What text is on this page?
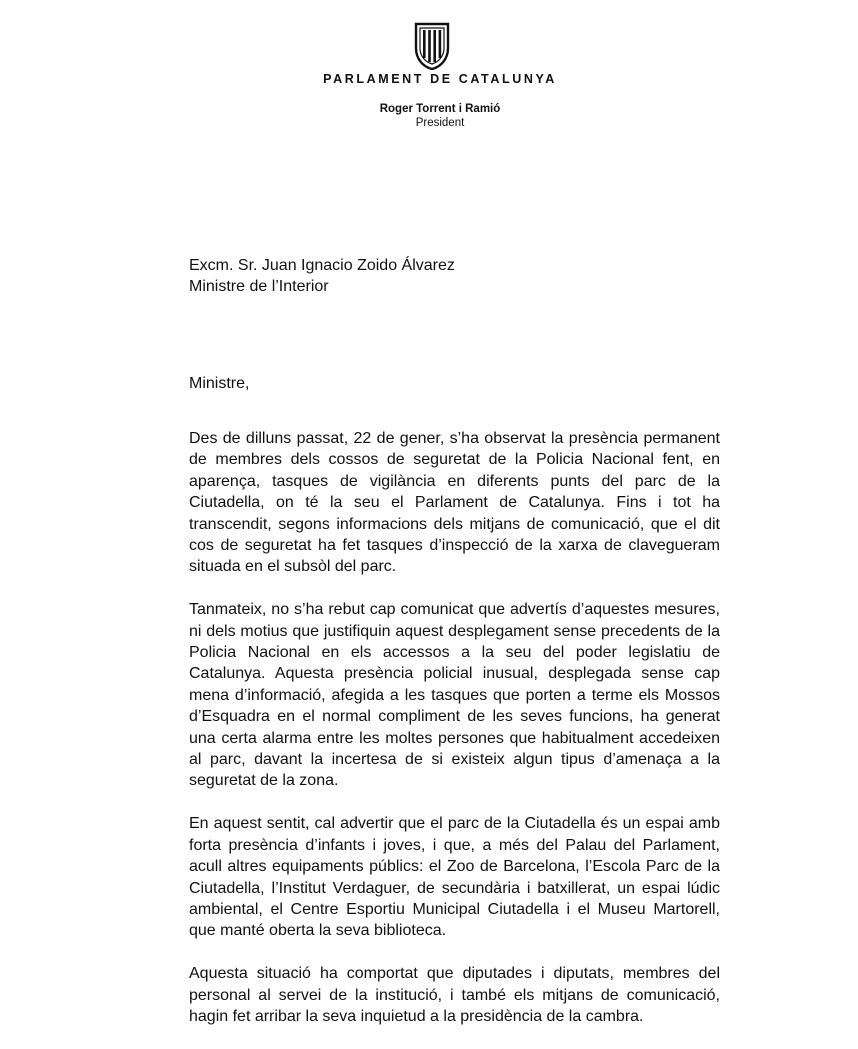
PARLAMENT DE CATALUNYA
Roger Torrent i Ramió
President
Excm. Sr. Juan Ignacio Zoido Álvarez
Ministre de l’Interior
Ministre,

Des de dilluns passat, 22 de gener, s’ha observat la presència permanent de membres dels cossos de seguretat de la Policia Nacional fent, en aparença, tasques de vigilància en diferents punts del parc de la Ciutadella, on té la seu el Parlament de Catalunya. Fins i tot ha transcendit, segons informacions dels mitjans de comunicació, que el dit cos de seguretat ha fet tasques d’inspecció de la xarxa de clavegueram situada en el subsòl del parc.

Tanmateix, no s’ha rebut cap comunicat que advertís d’aquestes mesures, ni dels motius que justifiquin aquest desplegament sense precedents de la Policia Nacional en els accessos a la seu del poder legislatiu de Catalunya. Aquesta presència policial inusual, desplegada sense cap mena d’informació, afegida a les tasques que porten a terme els Mossos d’Esquadra en el normal compliment de les seves funcions, ha generat una certa alarma entre les moltes persones que habitualment accedeixen al parc, davant la incertesa de si existeix algun tipus d’amenaça a la seguretat de la zona.

En aquest sentit, cal advertir que el parc de la Ciutadella és un espai amb forta presència d’infants i joves, i que, a més del Palau del Parlament, acull altres equipaments públics: el Zoo de Barcelona, l’Escola Parc de la Ciutadella, l’Institut Verdaguer, de secundària i batxillerat, un espai lúdic ambiental, el Centre Esportiu Municipal Ciutadella i el Museu Martorell, que manté oberta la seva biblioteca.

Aquesta situació ha comportat que diputades i diputats, membres del personal al servei de la institució, i també els mitjans de comunicació, hagin fet arribar la seva inquietud a la presidència de la cambra.
